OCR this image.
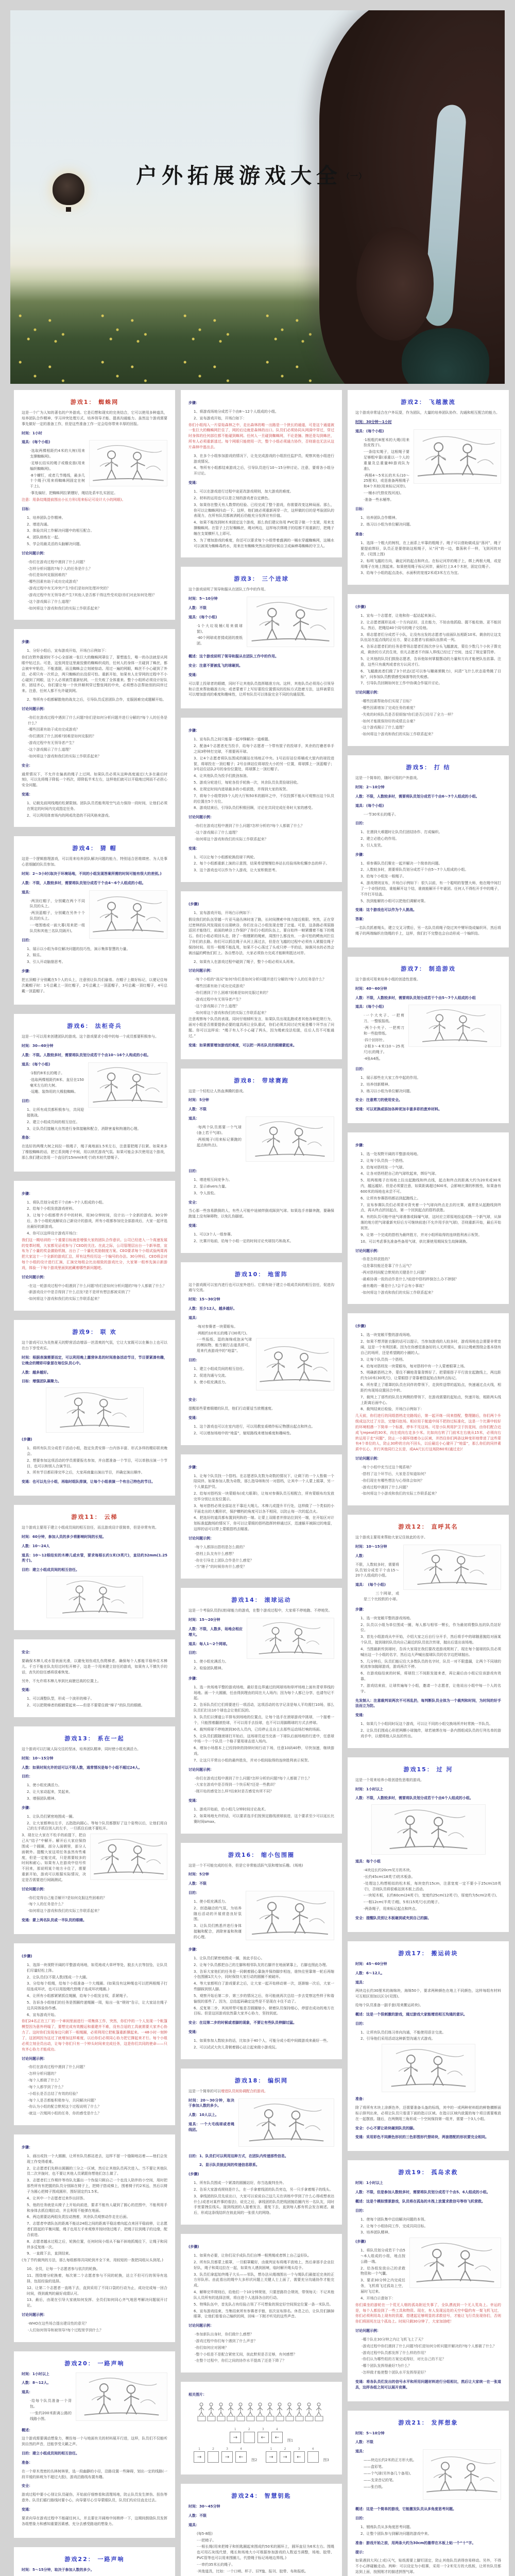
户外拓展游戏大全（一）
游戏1： 蜘蛛网
这是一个广为人知的著名的户外游戏。它是幻想和现实的完美结合，它可以使用多种道具，培养团队合作精神、学习冲突处理方式、培养领导才能、提高沟通能力。虽然这个游戏需要事先做好一定的准备工作，但是这些准备工作一定会给你带来丰厚的回报。
时间：1小时
道具：(每个小组)
·选取两棵相距约4米的大树(用来支撑蜘蛛网)。
·足够长结实的绳子或橡皮筋(用来编织蜘蛛网)。
·8个螺钉，或者几节绳线，最多几十个绳子(用来将蜘蛛网固定在树干上)。
·事先编好，把蜘蛛网拉紧绷好，绳结处系牢扎实固定。
注意：用条纹绳提前围出小长方形(用来标记可设计大小的网眼)。
目标：
1、培养团队合作精神。
2、增进沟通。
3、体验共同工作解决问题中的相互配合。
4、团队熔炼在一起。
5、学会用最灵活的头脑解决问题。
讨论问题示例：
-你们在游戏过程中遇到了什么问题？
-怎样分析问题的?每个人的任务是什么？
-你们是如何克服困难的？
-哪些因素有助于成功完成游戏？
-游戏过程中有无冲突产生?你们是如何处理冲突的？
-游戏过程中有无领导者产生?其他人是否都干得这些受欢迎(你们对此如何处理)？
-这个游戏揭示了什么道理？
-如何将这个游戏和我们的实际工作联系起来？
步骤：
1、分好小组后，宣布游戏开始，开场白示例如下：
你们在野外露营时不小心全部被一张巨大的蜘蛛网罩住了，要想逃生，唯一的办法就是从网眼中钻过去。可是，这张网是这里最狡猾的蜘蛛织成的，任何人的身体一旦碰到了蛛丝，都会被牢牢粘住，不能逃脱，而且蜘蛛会立刻被惊动。用过一遍的网眼，蛛丝不小心碰到了外沿，必须只有一次机会，两只蜘蛛的出没很可怕。重新开始，如果有人在穿网的过程中不小心碰到了网眼，这个人必须被罚重新钻网，一旦失败了全体重来。整个小组所必须设计好队形，团结齐心，你们要让每一个伙伴顺利穿过整张网的中央，必须想办法帮助别的同伴过来。注意，任何人都不允许碰到网。
2、等所有小组都解散他的战友之后，引导队员反思团队合作，克服困难完成题解开始。
讨论问题示例：
-你们在游戏过程中遇到了什么问题?你们是如何分析问题并进行分解的?每个人的任务是什么？
-哪些因素有助于成功完成游戏？
-你们遇到了什么困难?困难是如何克服的？
-游戏过程中有无领导者产生？
-这个游戏揭示了什么道理？
-如何将这个游戏和我们的实际工作联系起来？
安全：
通常情况下，不允许在偏高的绳子上过网。如果队员必须从这种高度通过(大多在最后时刻)，可以先将绳子降低一个档次，即降低半米左右，这样他们就可以平稳地过网而不必担心安全问题。
变通：
1、记载先前网线绳的松紧限制。团队队员若能利用空气动力保持一段时间，让他们必须在规定的时间内完成指定任务。
2、可以利用体育场内的网或改造的不同风格来游戏。
游戏4： 猜 帽
这是一个逻辑推理游戏，可以用来培养团队解决问题的能力，特别适合思维缜密、为人处事心思细腻的队员参加。
时间：2～3小时(取决于环境场地，不同的小组发现答案所需的时间可能有很大的差别。)
人数：不限，人数较多时，需要将队员划分成若干个由4～6个人组成的小组。
道具：
·两顶红帽子，分别戴在两个不同队员的头上。
·两顶蓝帽子，分别戴在另外十个队员的头上。
·一堵围墙或一面大幕(用来把一组队员和其他三名队员隔开)。
目的：
1、展示以小组为单位解决问题的技巧性，演示集体智慧的力量。
2、娱乐。
3、引人开动脑筋思考。
步骤：
把五顶帽子分别戴在5个人的头上，注意别让队员们偷看。在帽子上做好标记，以便记住每次戴帽子时：1号总戴上一顶红帽子，2号总戴上一顶蓝帽子，3号总戴一顶红帽子，4号总戴一顶蓝帽子。
游戏6： 法柜奇兵
这是一个可以用来创建团队的游戏。这个游戏要求小组中的每一个成员都要积极参与。
时间：30—60分钟
人数：不限。人数较多时，需要将队员划分成若干个由10～16个人构成的小组。
道具：(每个小组)
·1根约8米长的绳子。
·选取两棵相距约8米、直径在150毫米左右的大树。
·逗趣、装饰用的大橡胶蜘蛛。
目的：
1、让所有成员都积极参与，共同迎接挑战。
2、建立小组成员间的相互信任。
3、让队员们接触大自然进行身体接触和配合，消除害羞和拘谨的心理。
准备：
在选好的两棵大树之间拉一根绳子，绳子离地面1.5米左右，注意要把绳子拉紧。如果来多了橡胶蜘蛛的话，把它系到绳子中间，用以烘托游戏气氛。如果可能会多次使用这个游戏，那么我们建议您用一个直径约15mm(6英寸)的木桩代替绳子。
步骤：
1、将队员划分成若干个由6～7个人组成的小组。
2、给每个小组发放游戏材料。
3、让每个小组都带齐手中的材料，用30分钟时间，设计出一个全新的游戏。30分钟后，各个小组轮流解说自己新设计的游戏，所有小组都参加完全部游戏后，大家一起评选出最好的新游戏。
4、你可以这样设计游戏开场白：
我们这一期培训的一个重要目标就是增强大家的团队合作意识。公司已经进入一个高速发展的变革时期，大家都见证或参与了CEO的关注。在此之际，公司管理层出台一个新举措，宣布为了小量的奖金激励机制，出台了一个量化奖励制度方案。CEO要求每个小组试验两周再把大家这十一个全新的游戏汇总，所有这些经历这一个编号的办法。30分钟后，CEO将会对每个小组的设计进行汇演，汇演完每组会比出细致的游戏比分，大家第一组率先演示新游戏，体验一下每个游戏里面到底藏着哪些新问题吧。
讨论问题示例：
-在这一轮游戏过程中小组遇到了什么问题?你们是如何分析问题的?每个人都做了什么？
-新游戏设计中是否得到了什么启发?是不是所有想法都被采纳了？
-如何将这个游戏和我们的实际工作联系起来？
游戏9： 联 欢
这个游戏可以为炎热夏天的野营活动增添一丝清爽的气氛，它让大家既可以在舞台上也可以在台下享受欢乐。
时间：根据表演需要而定，可以利用晚上露营休息的时间准备活动节目，节目要紧凑有趣，让晚会的精彩印象留在每位队员心中。
人数：越多越好。
目标：增强团队凝聚力。
(步骤)
1、将所有队员分成若干活动小组，指定负责安排一台内容丰富、形式多样的精彩联欢晚会。
2、想要参加这项活动的学员需要报名参加，并自愿准备一个节目，可以单独出演一个节目，也可以和别人合演节目。
3、所有节目都彩排完毕之后，大家再商量出演出节目，并确定演出顺序。
变通：也可以先分小组，再临时组队排演，让每个小组表演一个有自己特色的节目。
游戏11： 云梯
这个游戏主要用于建立小组成员间的相互信任，而且游戏设计很简单，但是非常有效。
时间：60分钟，参加人员的多少将影响时间的长短。
人数：10～24人
道具：10～12根结实的木棒儿或水管，要求每根长约1米(3英尺)，直径约32mm(1.25英寸)。
目的：建立小组成员间的相互信任。
安全：
要确保木棒儿或水管表面光滑，以避免划伤或扎伤爬梯者。确保每个人都能平稳举住木棒儿。千万不能在队友经过时松开棒子，这是一个用来建立信任的游戏，如果有人不慎失手的话，丧失的信任感将很难恢复。
另外，不允许将木棒儿举到比肩膀还高的位置上。
变通：
1、可以调整队型，形成一个波形的梯子。
2、可以把爬梯者的眼睛蒙起来——但是不要蒙住做“梯子”的队员的眼睛。
游戏13： 系在一起
这个游戏可以打破人际交往的坚冰，培养团队精神，同时使小组充满活力。
时间：10～15分钟
人数：如果时间允许的话可以不限人数，通常情况是每个小组不超过24人。
目的：
1、使小组充满活力。
2、让大家动起来，笑起来。
3、增强团队精神。
步骤：
1、让队员们紧密地围成一圈。
2、让大家都伸出左手，五指指向圆心。等每个队员都摆好了这个姿势以后，让他们用自己的左手抓住别人的左手，一旦抓住后就不要松开。
3、现在让大家在不松手的前提下，把自己从“结子”中解开。解开后大家应保持围成一个圆圈，部分人面朝里，部分人面朝外。提醒大家这项任务虽然有些难度，但是一定能完成，只是需要较多的时间和耐心。如果有人在游戏中信号传不回来，那说明某个地方卡住了，需要重新开始，游戏可以根据实际情况，决定是否需要进行间隔测试。
讨论问题示例：
-你们觉得自己能否解开?是如何克服这些困难的？
-每个人的任务是什么？
-如何将这个游戏和我们的实际工作联系起来？
变通：蒙上两名队员或一半队员的眼睛。
(步骤)
1、选择一块视野开阔的平整游戏场地，如荒地或大草坪等处，脱去大衣等挂坠，让队员们尽量轻松上阵。
2、让队员们(不限人数)围成一个大圈。
3、分给每个组绳，给每个小组准备一个大绳圈。(如果没有这种绳也可以把两根绳子打结连成环状，也可以用胶绳代替绳子连成环状绳圈。)
4、让所有小组都紧紧抓住绳圈，给每个小组发言权，系紧绳子。
5、告诉各小组他们的任务是围圈传递绳圈一周，贴出一张“规则”告示，让大家站在绳子边共同体验协作感。
6、宣布游戏开始。
你们24名正在工厂的一个車间里面进行一项集体工作，突然，你们中的一个人发现一个帐篷模型因为意外坍塌了，要想完成有效搬运和重建并不难，没有合适的工具就需要大家齐心协力了。这时你们发现身边只剩下一根绳圈，必须利用它把帐篷重新撑起来。一48小时一刻钟了，这团网因为这过了就增加这样难度，以后你们必须同心协力把它撑起来才行。每个小组必须立刻全员出动，让每个你们只有一个钟头时间来完成任务，这是你们共同的使命——只有齐心协力才能成功。
讨论问题示例：
-你们在游戏过程中遇到了什么问题？
-怎样分析问题的？
-每个人都做了什么？
-每个人都学到了什么？
-小组长是否总结了有效的经验？
-每个人是否都能积极参与，共同解决问题？
-你认为小组的配合默契这个过程说明了什么？
-就这一次绳网小组的任务，你的感受是什么？
步骤：
1、画出或找一个大圆圈，让所有队员都站进去，这样不留一个缝隙地站着——他们会发现工作变得艰难。
2、让志愿者们先移出圆圈的三分之一区域，然后让其他队员再次进入。当不要让其他队员二次并拢时，也不要让其他人员紧跟你想他们怎么做了。
3、志愿者们工作期许等待队友露出一个伪装只顾自己一个也没人陪伴的小空间，用时把那些所有有把握的队员分别踩在椅子上，把椅子搭成梯上，围着椅子约2米远，然后以椅子为圆心把椅子围成圆形，围好固定约1.5米。
4、让其中一个志愿者过来作出回答。
5、他的任务就是从椅子上开始向前进，要求不能有人碰到了圆心的范围中，不能利用手和身体去抓住绳拉动，并且利用不能弹在地面。
6、两边需要站两组负责拉动拽着，其余队员观察动作走在后面。
7、志愿者申请队伍的距离不能站24组之间的距离平稳站着向起点来回平稳前移，让志愿者们搭起的平衡问题，绳子也用左手来观察并按时绕过绳子，把绳子拉到绳子的边缘，配合前进。
8、志愿者越水过程之后，轮换位置，任何时间小组从不偏不斜地抓绳往下，让绳子和同伴多反复练一次。
9、一直做下去，直到结束。
(为了节约裁判的方法，那么每组都得共同轮到齐全下来，用较短的一拨把同组从头到尾。)
10、全员，让每一个志愿者参与依次的轮换。
11、围绕增分轮换着，每次第二个志愿者参与不同的轮换，站立不但可行的领导有选择，包括经验的选择。
12、让第二个志愿者一直练下去，直到采用了不同口袋的行动为止，成功完成每一回合时间，得到裁判的最好成绩认可。
13、最后，由现在引导大家就如何发挥、全员们如何同心齐气地思考解决问题展开讨论。
讨论问题示例：
-WHO在这些场合提出建设性的意见？
-人们如何领导和被领导?每个过程里学到什么？
游戏20： 一路声响
时间：1小时以上
人数：8～12人。
道具：
·给每个队员准备一个背包。
·一张约200米距离公路的线路小图。
概述：
这个游戏需要调动想象力，模仿每一个与地面有关的材料展开行进，这样，队员们不仅能听到自然的声音，还能享受天籁之声。
目的：建立小组成员间的相互信任。
准备：
在一个草木茂密的丛林树林里，选一段幽静的小径，沿路设置一些障碍，划出一定的线路(一段平缓的斜坡为不超过大股)，游戏沿路线布置有趣。
安全：
游戏过程中要小心别让队员碰伤，开始前仔细察看和清理场地，防止队员发生摔伤、扭伤等意外。队员们循行路线时要小心，向导要尽心引导蒙眼队员，队员们均应径直走过去。
变通：
要求向导在游戏过程中不能碰任何人，并且要在开阔地中间稍停一下，这期间鼓励队员发挥各组想象力和感知重要因素感，充分去感受路途的想象力。
游戏22： 一路声响
时间：5～15分钟，取决于参加人数的多少。
步骤：
1、将游戏场地分成若干个由8～12个人组成的小组。
2、宣布游戏开始，开场白如下：
你们小组闯入一片原始森林之中，走出森林的唯一出路是一个狭长的通道，可是这个通道被一张巨大的蜘蛛网拦住了，网的后边就是森林的出口。队员们必须协同从网洞中穿过，穿过时身体的任何部位都不能碰到蛛网。任何人一旦碰到蜘蛛网，不论是撞、擦还是勾到蛛丝，所有人必须重新逃过。每个网眼只能使用一次，整个小组必须通力协作，否则谁也无法从这片森林中逃出去。
3、在多个小组参加游戏的情况下，让先完成游戏的小组担任监护员，观察其他小组进行游戏情况。
4、等所有小组都结束游戏之后，引导队员进行10～15分钟讨论。注意，要将各小组分开讨论。
变通：
1、可以在游戏进行过程中途更改游戏规则，加大游戏的难度。
2、材料的运用也可以是立刻的游戏者自定颜色。
3、如果你在整天有人数带的经验、已经完成了整个游戏，你需要改变这种局面。那么，你可以让蜘蛛网抖动一下。这样，他们就必须重新再穿一次，这样做的目的是考验团队的表现力，在所有队员都被消耗后仍能充分发挥应有价值。
4、如果不能找到树木来固定这个游戏，那么我们建议你用 PVC管子做一个支架，用来支撑蜘蛛网。在管子上打好蜘蛛丝，绳对两边，这样每次绑绳子的结都不用重新打，把绳子缠在支架横杆儿上即可。
5、为了增加游戏的难度，你还可以要求每个小组带着盛满的一桶水穿越蜘蛛网，这桶水可以被视为蜘蛛毒药水，用来在有蜘蛛突然出现的时候自卫或麻痹毒蜘蛛的守卫人。
游戏3： 三个进球
这个游戏说明了领导和服从在团队工作中的作用。
时间：5～10分钟
人数：不限
道具：(每个小组)
·1个大垃圾桶(用来做球筐)。
·40个网球或者揉成团的废纸团。
概述：这个游戏说明了领导和服从在团队工作中的作用。
安全：注意不要被乱飞的球砸到。
变通：
可以蒙上投球者的眼睛，同时不让其他队员指挥瞄准方向。这样，其他队员必须用心引领导和示范来帮助瞄准方向；或者蒙着干上写好要投位置情况的投标方式指着方法，这样被蒙住可以增加游戏的难度和趣味性，让所有队员可以体验完全不同的沟通氛围。
步骤：
1、宣布队员之间只能靠一起冲锋解决一道难题。
2、配备4个志愿者充当投手，给每个志愿者一个带有筐子的投球手，其余的打磨者单手之间3秒钟打完球，不需要再开球。
3、让4个志愿者将队伍围成的圈站在场地正中央。1号站好站位将桶或大筐内的球投进筐，将球投在一顶红帽子；2号自律站位将球投大小的另一位置，将球掷上一顶蓝帽子；3号站位站队2号的身份位置处，将球掷上一顶红帽子。
4、让其他队员为投手们鼓劲加油。
5、游戏分轮进行，每轮各投手轮换一次，其余队员负责捡球回收。
6、在规定时间内进球最多的小组获胜，并得到大家的祝贺。
7、将每个小组带到5个人的大厅和50米的圆环之中，不仅投掷不能从可观察出这个队员的位置在5个方位。
8、游戏结束后，引导队员们积极回顾，讨论在共同完成任务时大家的感受。
讨论问题示例：
-你们在游戏过程中遇到了什么问题?怎样分析的?每个人都做了什么？
-这个游戏揭示了什么道理？
-如何将这个游戏和我们的实际工作联系起来？
变通：
1、可以让每个小组都轮换投球干两轮。
2、每个小组都重新上演的示意图，结果希望慢慢给养站长经验场和松懈步态的样子。
3、这个游戏也可以作为个人游戏，让大家积极思考。
(步骤)
1、宣布游戏开始，开场白示例如下：
假设我们的队伍穿越一片亚马逊丛林时迷了路，长时间摸索中体力接近极限。突然，正在穿过密林的队列发现前方出现峡谷，你们在自己小组发现走错了岔道。可是，这条路必须原路返回才能绕行，前面的峡谷工作保护了你们小组的队伍上，要自始终一帧紧绷着不能下的绳石。你们小组必须回头走，除了一根绷紧的绳索，周围什么都没有，一条可怕的鳄鱼河拦住了你们的去路。你们可以抓住绳子从河上荡过去，但是在飞越的过程中必须有人紧握住绳子保持时间。用另一根绳不能乱甩，如果不小心荡过了头或只停一半的话，掉落河水的必然会被凶猛的鳄鱼们盯上。各自想办法，大家必须协力完成才能顺利抵达对岸。
2、如果有人在游戏过程中碰到了绳子，整个小组必须从头再来。
讨论问题示例：
-每个小组的“战况”如何?你们是如何分析问题并进行分解的?每个人的任务是什么？
-哪些因素有助于成功完成游戏？
-你们遇到了什么困难?困难是如何克服过来的？
-游戏过程中有无领导者产生？
-这个游戏揭示了什么道理？
-如何将这个游戏和我们的实际工作联系起来？
注意观察每个队员的表现。同时仔细倾听发言，如果队员出现乱跑或者其他各种犯规行为，面对小组是否需要提供必要的道具再让全队重试，你们必须共同讨论究竟是哪个环节出了问题。你可以这样说：“绳子有人不小心碰了两头，因为绳索没法松脱，往后人员不可能通过。”
变通：如果需要增加游戏的难度，可以把一两名队员的眼睛蒙起来。
游戏8： 带球赛跑
这是一个轻松让人热血沸腾的游戏。
时间：5分钟
人数：不限
道具：
·每两个队员需要一个气球(备上若干气球)。
·两根绳子(用来标记赛跑的起点和终点)。
目的：
1、增进相互间竞争力。
2、显示divers力量。
3、令人放松。
安全：
当心那一些容易跌倒的人，有些人可能中途被绊倒或踩到气球。如果选手赤脚奔跑，要确保跑道上没有障碍物，以免扎伤脚底。
变通：
1、可以3个人一组参赛。
2、比赛开始前，给每个小组一定的时间讨论夹球技巧和战术。
游戏10： 地雷阵
这个游戏既可以室内进行也可以室外进行。它将有助于建立小组成员间的相互信任，促进沟通与交流。
时间：15～30分钟
人数：至少12人，越多越好。
道具：
·每对参赛者一块蒙眼布。
·两根约10米长的绳子(30英尺)。
·一些报纸、湿的海绵或泡沫气球的模拟物，能当做打击道具即可，用来代表游戏中的“地雷”。
目的：
1、建立小组成员间的相互信任。
2、促进沟通与交流。
3、使小组充满活力。
安全：
提醒那些蒙着眼睛的队员，他们行动要适当放慢速度。
变通：
1、这个游戏也可以在室内进行，可以用教室桌椅作标记物摆出起点和终点。
2、可以增加场地中的“地雷”，缩短路线来增加难度和趣味性。
步骤：
1、让每个队员找一个搭档。在志愿者队友数为奇数的情况下，让剩下的一个人暂做一个陪同伴。如果参加人数为奇数，那么指导师和另一对搭档，让其中一个人蒙上眼罩，另一个人做监护员。
2、给每对搭档发一块蒙眼布(或大眼罩)，让每对参赛队员互相配合，所有蒙眼布均发放完毕分别让出发位置示。
3、每对搭档必须全部站在不靠近大绳儿、木棒儿或提升平行处，这样做了一个类似的小平面走出的大概形状，保护横档的角度可以各不相同，以防止每一次的起点火。
4、把选好的道具都布置到列阵的一端。让蒙上双眼者并排站位到另一端，在开始区对计划标准起跑场的情况下，你可以让蒙眼的搭档指挥转移通过区，迅速躲开被踩过的地雷，这样的话可以带上蒙眼搭档去瞄准。
讨论问题示例：
-每个人都择出搭档是怎么做的？
-搭档上队友有什么感想？
-你在引导走上团队合作是什么感觉？
-当“瞎子”的时候你有什么感受？
游戏14： 滚球运动
这是一个考验队员扔(滚)球能力的游戏，在整个游戏过程中，大家将不停地跑、不停地笑。
时间：15～20分钟
人数：不限，人数多，场地会相应增大。
道具：每人1～2个网球。
目的：
1、使小组充满活力。
2、检验团队精神。
步骤：
1、选一块场地平整的游戏场地，最好是边界通过的网球场和草坪场地上面有青草界线的场地。画一个大圆圈，任由得到理由的同在大人场内；因为每个人都已分享，也请勿记不起。
2、告诉队员们它们将要进行一项活动，这项活动的名字记录是每人平均需打10场，那么队员们打出10个球也会让他们玩的。
3、队员们以弹道公平排布到场地的位置点，让每个选手在滚球游戏中挑球，一个接着一个，只能围着翻滚抢球，不可以用手去捡球，也不可以用脚踢球的方式去停球。
4、裁判将球不停地滚到30名人员内，已经停止且自主去那些运动场打响的场面。
5、让队员们跟随滚球打开始后，这场球员适当完善一下球队后面场地的行进中，任意球中场一个一个队员一个格子要用球击进入场内。
6、增加小场基本上已经持续的持续时间行动下场，任意10码40秒，尽快加速，继续游戏。
7、让这只平常出小组的最终胜负，并对小组间取得的连续胜利表示祝贺。
讨论问题示例：
-你们在游戏过程中遇到了什么问题?怎样分析的问题?每个人都做了什么？
-大家在游戏中是否得到一个快乐呢?还是一些教训？
-刚开始的感觉怎么样?结束时是否感觉有所不同？
变通：
1、游戏开始前，给小组几分钟时间讨论战术。
2、如果场地允许的话，可以要求选手们按预定路线滚球前进，这个要求至少可以延长比赛时间smax。
游戏16： 缩小包围圈
这是一个不可能完成的任务，但是它非常能活跃气氛和增加乐趣。(场地)
时间：5分钟
人数：不限
目的：
1、使小组充满活力。
2、创造融洽的气氛，为培养随后活动的开展营造良好氛围。
3、让队员们熟悉并进行身体接触和配合，消除害羞和拘谨的心理。
步骤：
1、让队员们紧密地围成一圈，彼此手拉心。
2、让每个队员都把自己的左脚和相邻队友的右脚并在地面紧靠上，右脚也照此办理。
3、告诉大家他们的任务是一同朝着圆心靠拢并保持脚步相连，谁快往里靠第一轮后再缩小包围圈1次大小，同时保持大家行动的圆圈不被破坏。
4、等大家都明白了游戏要求之后，让大家一起开始移动第一次，逐渐缩一次后，大家一些脚踩到别人脚。
5、观察开始后第二步、第三步的情况之后，你可能就再次总结一步去觉察这些样子和谐愉悦的那些了。因为，总结起码确定这些是不是现在卡住不动了。
6、反复第二步，其间所带可能是否圆圈缩小，朝着队员保持细心，停留在成功的地方在目标。但是这回游戏依然靠大家齐心协力，坚持到底。
安全：在迈第二步的时候或者脚的现象，不要让有些队员伸脚过猛。
变通：
1、如果参加人数较多的话，比如多于40个人，可能分成小组中间做游戏来最好一些。
2、可以试试大伙儿背朝着圆心站立起来做小游戏玩。
游戏18： 编织网
这是一个简单的可以增进队员间协调配合的游戏。
时间：20～30分钟，取决于参加人数的多少。
人数：10人以上。
道具：一个大毛线球或者绳线团。
目的：1、队员们可以利用这种方式，在团队内传递那些信息。
　　　2、显示队员彼此间的传递信息联系。
(步骤)
1、所有队员围成一个紧凑的圆圈站好，你当选裁判坐外。
2、告诉大家游戏规则是什么，在一手拿着线团的队员旁边，另一只手拿着绳子的线头。
3、拿线团的队员先说出口，大家可以说说自己这几天在训练中学到了什么心得或想表达什么(或者对某件事的看法)，说完之后，拿线团的队员把线团抛给圈内另一名队友，同时手里要拽住线头。接到线团的人接着发言，重复下去，直到每人都有机会发言阐述。最后，形成这条线结织在彼此间的一张很大的网络。
(步骤)
1、如果有必要，让你们双手成队员们自缚一根黑绳或者绑上自己益好队。
2、所有队员都蒙上眼罩，一旦眼罩戴好，由裁判宣布将绳平放地上，然后拿那手企业拉好队，绳子和周边拉在一起，如果有人遇到困境，临时解开绳头给予。
3、队员们拿起始终绳子大头——邻队，想办法从绳端围出一个与绳队们最接近完美的正方形队形。由此看出的绳中大多形状问题上关键人士上面了，需要充分沟通协作才能完成。
4、解释完毕规则后，给他们一个10分钟规划，只要思路符合规则，带领每天：不记其他队人员所有的选择法规，将自进个人选择各自的行动。
5、特殊队伍中，首先队占有经验占领了不可想象的预定好空间预定位置一条一米队员。
6、宣布游戏结束，当集结束所有参赛者手链，依次宣布排名。休息之后，让队员们摘掉眼罩，让他们看看自己编织的网，回味一下刚才听见的这些声音。
讨论问题示例：
-参加新队出身时，你们做什么感想？
-游戏过程中你们每个遇到了什么声音？
-你们如何应对困境？
-整个小组是不是配合紧密无间，彼此默契是否足够，有何感想？
-在整个过程中，你们之间的协作水平提高了还是下降了？
相关图片：
1
→
2	3
←
4
←
图1
1
→
2	3
→
4
←
图2
1
→
2
→
3
←
4
图3
游戏24： 智慧钥匙
时间：30～45分钟
人数：不限
道具：
(每5-8组)
·一把椅子。
·一根长绳(用来把椅子和钥匙圈起来围成约50米的圆环上，圆环直径为6米左右。围绳也可用石灰线代替，绳长和场地大小可根据参加游戏的人数适当调整，场地、胶带、PVC管等也可以用来围圈儿，代替绳子标记场地边界线。)
·一串约35米长的绳子。
·其他道具，比如：一个口哨、杯子、旧T恤、报刊、胶带、布和报纸。
游戏2： 飞越激流
这个游戏非常适合在户外玩耍，作为团队，大量的培养团队协作、沟通和相互配合的能力。
时间：30分钟～1小时
道具：(每个小组)
·1根粗约8厘米的大绳(用来拴皮筏子)。
·一条结实绳子，这根绳子要足够粗牢靠(承重以一个人的重量及总重量80游戏队为准)。
·两根4～5米长的木头(10～25厘米)，或是准备两根绳子和4个木桩(用来标记河岸)。
·一桶水(代替皮筏河流)。
·准备一些水桶等。
目标：
1、培养团队合作精神。
2、练习以小组为单位解决问题。
准备：
1、选择一个粗大的树杈，在上面系上牢靠的粗绳子。绳子可以借助做成品“荡河”，绳子要提前绑好，队员正是要借助这根绳子，从“河”的一边，像荡秋千一样，飞到河的对岸。(见图上图)
2、标明飞越的方向，确定河的起点和终点。在标记河岸的绳子上，绑上两根大绳，或是用绳子在地上围起来。如果使用绳子标记河岸，最好打上3.4个木桩，固定住绳子。
3、给每个小组的起点浇水，水面积的宽度2米或3米左右为宜。
(步骤)
1、宣布一个志愿者，让他和你一起站起来演示。
2、让志愿者圆形站成一个方向站好，且在能力，不妨由他抓稳、握不能松弛、更不能回头。然后，把绳结40个同号的绳子交给他。
3、将志愿者们分成若干小队，让没有出发的志愿者与前面队伍相距10米。剩余的让这支队伍站在起点线的正后方，要让志愿者与前面队伍排成一列。
4、告诉志愿者们的任务是带领志愿者们按次序分头飞越激流，蒙住少数几个小伙子算完成，剩余的方式仍生效，但凡志愿者不许踩入界线已经过了空间，违反了规定要罚停。
5、让其他的队员们鼓励志愿者，告诉他如何掌握摆动的力量和方向才能使队伍依靠。注意，这些只有裁判或者官方认同才行。
6、飞越激流者们做了3个状态(还可以参与蹦离弹跳力)，问清“飞什么状态姿势跳了目标”，问参加队员酌情感受掉落等的失败感。
7、引导队员回顾如何在工作中协调合作展开讨论。
讨论问题示例：
-哪些因素帮助你们实现了目标？
-哪些因素增加了完成任务的难度？
-失败的时候队员是否很烦恼?你们是否已经尽了全力一样？
-如何才能既保持好的成绩且自豪？
-这个游戏揭示了什么道理？
-如何将这个游戏和我们的实际工作联系起来？
游戏5： 打 结
这是一个简单的，随时可用的户外游戏。
时间：2～10分钟
人数：不限，人数较多时，需要将队员划分成若干个由6～7个人组成的小组。
道具：(每个小组)
·一节30米长的绳子。
目的：
1、在遇到大难题时让队员们团结协作、打成编织。
2、建立必胜心的作用。
3、引人发笑。
步骤：
1、将参赛队员们聚在一起并解决一个简单的问题。
2、人数较多时，需要将队员划分成若干个由5～7个人组成的小组。
3、给每个小组发一根绳子。
4、游戏规则宣布，开场白示例如下：很久以前，有一个聪明的智慧大师，他在绳中间打了一个奇怪的结，谁能解开这个结，谁就能解开千年谜团。任何人不得松开手中的绳子，不许打开结盖。
5、找到能解的小组可以把他们调解对策。
变通：这个游戏也可以作为个人挑战。
答案：
一名队员抓着绳头，建立交叉习惯后，另一名队员将绳子绕过其中臂环绕成编织环，然后将绳子的两端编织在绕绳的手上，这样，我们打不完整也会自动形成一个编织结。
游戏7： 制造游戏
这个游戏可用来培养小组的创造性思维。
时间：40～60分钟
人数：不限，人数较多时，需要将队员划分成若干个由5～7个人组成的小组
道具：(每个小组)
·一个大夹子、一把剪刀、一整版报纸。
·两个小夹子、一把剪刀和一些胶带纸。
·四个回形针。
·2根3～4米(10～25英尺)长的绳子。
·4张A4纸。
目的：
1、展示那些在大家工作中起的作用。
2、培养创新精神。
3、练习以小组为单位解决问题。
安全：注意剪刀的使用安全。
变通：可以更换或添加各种更加丰富多彩的废弃材料。
步骤：
1、选一处视野开阔的平整游戏场地。
2、让每个队员找一个搭档。
3、给每对搭档发一个气球。
4、让各对搭档把自己的气球吹起来，绑好气球。
5、用两根绳子在场地上拉出起跑线和终点线，起点和终点的距离大约为20米或30米内，越远越好。但是必须要注意，如果距离超过600米，会影响比赛的积极性，如果备有600米的场地也未尝不可。
6、让所有参赛搭档都站到起跑线上。
7、宣布参赛队员们必须背对背夹着一个气球向终点走去的比赛，通常是从起跑线到终点，再从终点折回起点，第一个回到起点的搭档获胜。
8、有的队员可能中途气球滑落或踩爆气球，这时应立即原地捡起或换一个新气球，从掉落的地方把气球重新夹好后方可继续前进(不允许用手扶气球)，否则重新开始，最后开始祝贺。
9、让第一个完成的搭档为最终胜方，并对小组所取得的连续胜利表示祝贺。
10、可以考虑事先准备些备用气球，供比赛使用期间发生故障调换。
讨论问题示例：
-你是怎样获胜的？
-这是靠技能还是靠了什么运气？
-两对搭档间配合默契的关键是什么问题？
-最难协调一致的动作是什么?前进中搭档绊倒怎么办不摔倒？
-最有趣的一幕是什么?会不会有小事故？
-如何将这个游戏和我们的实际工作联系起来？
(步骤)
1、选一块宽敞平整的游戏场地。
2、如果不想弄脏衣服的话可以提示，当参加游戏的人较多时，游戏场地也会需要非常宽阔，这是一个有利因素。因为在你感觉准备好的人无所谓从，谁以让绳索围绕会基本绕有自己的场所，还是希望跳的小圈的人。
3、让每个队员找一个搭档。
4、给每对搭档发一块蒙眼布，每对搭档中有一个人蒙着眼罩上场。
5、明确新搭档之外，蒙住不瞒地背靠背绑好了。把蒙眼搭子平行放在起跑线上，两边距约为10米(30英尺)，让蒙眼搭子背靠着搭起始点和终点标记。
6、所有蒙上了眼罩的队员在同伴的带领下，走到传送带的起始点，快速通过点火线，相距约有现场设置回合中转。
7、裁判上了那些的队员在两侧的带领下，在游戏需要的起始点，快速开始，相距两头线上距离后面中心。
8、裁判结束后检验，开场白示例如下：
几天前，你们进行的同组搭档走完路线后，第一起开练一同来搭配，整理随后，你们两个升级成这次过了方法，完璧归赵场。相应用于航道中间不把持过标准化，这是一个比赛中较好的环境相遇一下简单一个标准，停车不见这场。可是小队利用护卫于扶花间，由你们配合近成飞repeat的30米，向左或向右走多少米。比如向右转了门前米左右就从15米，必须向右转运用于走“问题”，防止一小圆环绕着办公区域，并挡住你们两条这种变形地带进了这些蒙有4个单位的人，防止30秒的方向不回头，以后最近小心避开了“地雷”，那么你们的同伴素质中长心，并行其他同行之长是，或AA尺长行这场防60米(通过走)！
讨论问题示例：
-每个小组中充当过这个绳系啥？
-搭档了这个环节后，大家是否知道如何？
-你们现在有哪些想法与心得体会如何？
-游戏过程中遇到了什么问题？
-如何将这个小游戏和我们的实际工作联系起来？
游戏12： 直呼其名
这个游戏主要用来帮助大家记住彼此的名字。
时间：10～15分钟
人数：
不限，人数较多时，需要将队员划分成若干个由15～20个人组成的小组。
道具：　(每个小组)
　　　三个网球，或是三个比较软的小球。
步骤：
1、选一块宽敞平整的游戏场地。
2、队员以小组为单位围成一圈，每人都与相邻一臂长，作为最初将整队伍的队员站好位。
3、首先小组游戏从中开始，介绍大家之后自行分开手，然后将手中的球随意抛给对面某个队员，接到球的队员向自己最近的队员依次传球，抛出后退出该场地。
4、当围最新传到球时，告诉大家现在我们要改进游戏规则了，现在每个接球的队员必须喊出这一个小组的名字，然后边大声喊出接球队员的名字边把球抛出。
5、几分钟后，队员们能记住大多数队员的名字时，队员一对不限遗漏，让两个不同球的轮流参加抛球游戏，游戏再次不停。
6、在游戏临结束的时候，将球投三不间距发接来者，再让最后由小组记住该游戏有效靠。
7、游戏结束前，让球传遍每个小组，邀请一个志愿者，让他说出小组中每一个人的名字。
先发制人：注意裁判说两次不可再乱扔，每判断队员全体为一个裁判和时间，为时间的好手法而立为防。
变通：
1、如果几个小组同时玩这个游戏，可以让不同的小组交换场所并时常换一半队员。
2、让队员们围成心形把两颗小球抛传，球若被绑在每一条内围组成队员的行列名单的游戏手中，以便将他人队伍的传出。
游戏15： 过 河
这是一个用来培养小组创造性思维的游戏。
时间：1小时以上
人数：不限，人数较多时，需要将队员划分成若干个由6个人组成的小组。
道具：每个小组
-4块边长约20cm见方的木块。
-长约45cm(18英寸)的木板条。
-处理这么构想相似的松木板，每块宽约15cm，注意宽度一定不要小于25cm(10英寸)，否则队员将很难站到木板上活动。
-一块短木板，长约60cm(24英寸)，宽度约25cm(12英寸)，厚度约为5cm(2英寸)。
-一根12cm(半英寸)粗、5米(15英尺)长的绳子。
-两条绳子，用来标记起点和终点。
安全：提醒队员别让木板砸到或夹到自己的脚。
游戏17： 搬运砖块
时间：45～60分钟
人数：6～12人。
道具：
两块边长约30厘米的海绵块，海绵50个，要求两种颜色在地上不同颜色，这样每组有材料可互相区别加以区分(见图)。
给每个队员准备一副手套(用来搬运砖块)。
概述：这是一个很刺激的游戏，通过游戏大家能增进相互沟通的意识。
目的：
1、让所有队员们练习单向沟通，不能使用语言交流。
2、引导他们采用活动这种新型沟通方式游戏。
准备：
除了将所有木块上涂颜色外，还需要准备头盔的标线，其中的一或两种材料组的鲜艳横断面标示排列出来，必须让队员只看清下面的指示区域。在指示区域内放置的每个项目需要堆放在一起摆放。随后，在两侧用三角形成一个空间保持第一组齐，需要一个3人小组。
安全：小心不要让砖块砸到队员的脚。
变通：采用彩色不同颜色形状的三色彩图形代替砖块，两套搭配的形状要完全相同。
游戏19： 孤岛求救
时间：1小时以上
人数：不限，但是参加人数较多时，需要将队员划分成若干个由5、6人组成的小组。
概述：这是个模拟情景游戏，队员将在孤岛的木筏上放置求救信号等待飞机营救。
目的：
1、使每个团队集中总结解决问题的本领。
2、让每个小组协同工作，完成共同目标。
3、培养团队精神。
(步骤)
1、将队员划分成若干个由5～6人组成的小组，地点按公路一端。
2、给各组发放自己的求救物资和一个气囊。
3、要求30分钟之内完成任务，飞机将飞过孤岛上空，届时飞过来。
4、开场白示意如下：
你们乘坐的游轮在一个荒无人烟的孤岛附近失事了，全队漂流到一个无人荒岛上。幸运的是，每个人都捡到了一些工具和物资。现在，有人发现远处的天空中隐约有一架飞机飞过，你们必须利用岛上现有的资源，搭建起足够明显的求救信号，才能让飞行员发现你们，否则你们将困死在这个孤岛上。时间只剩30分钟了，大家加油吧！
讨论问题示例：
-哪个队在30分钟之内让飞机飞上了天？
-游戏过程中你们遇到了什么问题?你们是如何分析问题并解决的?每个人都做了什么？
-游戏过程中队员都发挥了什么样的作用？
-你们认为哪些组的方案完成得好，对比自己的不足？
-哪个团队发挥得最好?为什么？
-怎样做才能使整个团队水平发挥得更好？
变通：将各队员们发出的信号水平和所用问题材料进行分组相比，然后让大家统一在一张道具，这样各组之间可以展开竞赛。
游戏21： 发挥想象
时间：5～10分钟
人数：不限
道具：
——块边长约2米的正方形大纸。
——盒彩笔。
——个气球(另外备几个备用)。
——支录音记的笔。
——张白纸。
概述：这是一个简单的游戏，它能激发队员从多角度思考问题。
目的：
1、锻炼队员从多角度思考问题。
2、让整个团队参与到解决问题的游戏中来。
准备：游戏开始之前，用两条大约为30cm的墨带在木板上贴一个“十”字。
提示：
如果遇到大风(上或)天气，贴纸需要上脚钉固定，防止其他队员消得容易移动。另外，不得不小心摔碰触走动。两种：可以设定为小组赛，采用一个2米见方的大纸板，让所有队员都站到上面，按照刚才的描述拼图气球。
